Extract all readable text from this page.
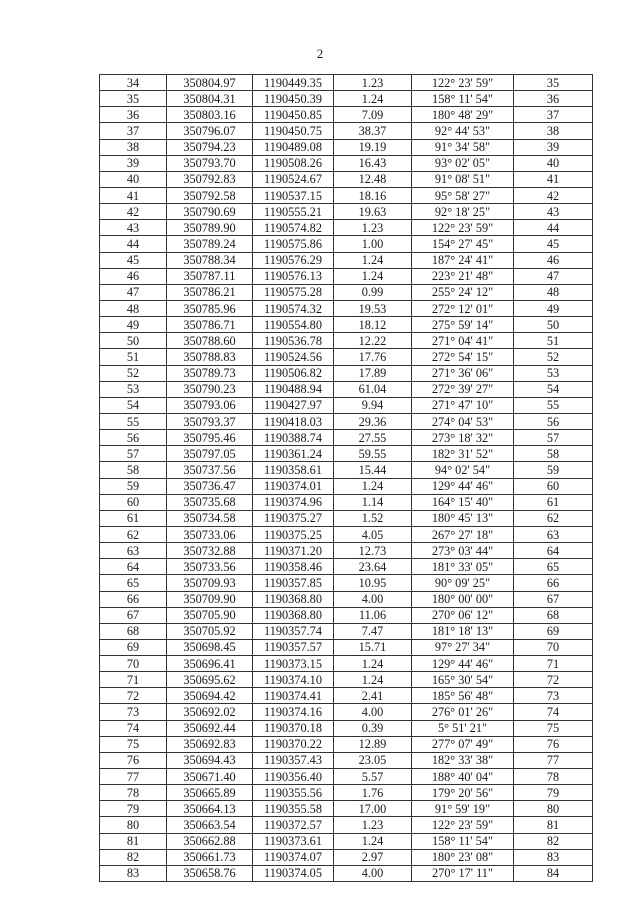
2
34	350804.97	1190449.35	1.23	122° 23' 59"	35
35	350804.31	1190450.39	1.24	158° 11' 54"	36
36	350803.16	1190450.85	7.09	180° 48' 29"	37
37	350796.07	1190450.75	38.37	92° 44' 53"	38
38	350794.23	1190489.08	19.19	91° 34' 58"	39
39	350793.70	1190508.26	16.43	93° 02' 05"	40
40	350792.83	1190524.67	12.48	91° 08' 51"	41
41	350792.58	1190537.15	18.16	95° 58' 27"	42
42	350790.69	1190555.21	19.63	92° 18' 25"	43
43	350789.90	1190574.82	1.23	122° 23' 59"	44
44	350789.24	1190575.86	1.00	154° 27' 45"	45
45	350788.34	1190576.29	1.24	187° 24' 41"	46
46	350787.11	1190576.13	1.24	223° 21' 48"	47
47	350786.21	1190575.28	0.99	255° 24' 12"	48
48	350785.96	1190574.32	19.53	272° 12' 01"	49
49	350786.71	1190554.80	18.12	275° 59' 14"	50
50	350788.60	1190536.78	12.22	271° 04' 41"	51
51	350788.83	1190524.56	17.76	272° 54' 15"	52
52	350789.73	1190506.82	17.89	271° 36' 06"	53
53	350790.23	1190488.94	61.04	272° 39' 27"	54
54	350793.06	1190427.97	9.94	271° 47' 10"	55
55	350793.37	1190418.03	29.36	274° 04' 53"	56
56	350795.46	1190388.74	27.55	273° 18' 32"	57
57	350797.05	1190361.24	59.55	182° 31' 52"	58
58	350737.56	1190358.61	15.44	94° 02' 54"	59
59	350736.47	1190374.01	1.24	129° 44' 46"	60
60	350735.68	1190374.96	1.14	164° 15' 40"	61
61	350734.58	1190375.27	1.52	180° 45' 13"	62
62	350733.06	1190375.25	4.05	267° 27' 18"	63
63	350732.88	1190371.20	12.73	273° 03' 44"	64
64	350733.56	1190358.46	23.64	181° 33' 05"	65
65	350709.93	1190357.85	10.95	90° 09' 25"	66
66	350709.90	1190368.80	4.00	180° 00' 00"	67
67	350705.90	1190368.80	11.06	270° 06' 12"	68
68	350705.92	1190357.74	7.47	181° 18' 13"	69
69	350698.45	1190357.57	15.71	97° 27' 34"	70
70	350696.41	1190373.15	1.24	129° 44' 46"	71
71	350695.62	1190374.10	1.24	165° 30' 54"	72
72	350694.42	1190374.41	2.41	185° 56' 48"	73
73	350692.02	1190374.16	4.00	276° 01' 26"	74
74	350692.44	1190370.18	0.39	5° 51' 21"	75
75	350692.83	1190370.22	12.89	277° 07' 49"	76
76	350694.43	1190357.43	23.05	182° 33' 38"	77
77	350671.40	1190356.40	5.57	188° 40' 04"	78
78	350665.89	1190355.56	1.76	179° 20' 56"	79
79	350664.13	1190355.58	17.00	91° 59' 19"	80
80	350663.54	1190372.57	1.23	122° 23' 59"	81
81	350662.88	1190373.61	1.24	158° 11' 54"	82
82	350661.73	1190374.07	2.97	180° 23' 08"	83
83	350658.76	1190374.05	4.00	270° 17' 11"	84
